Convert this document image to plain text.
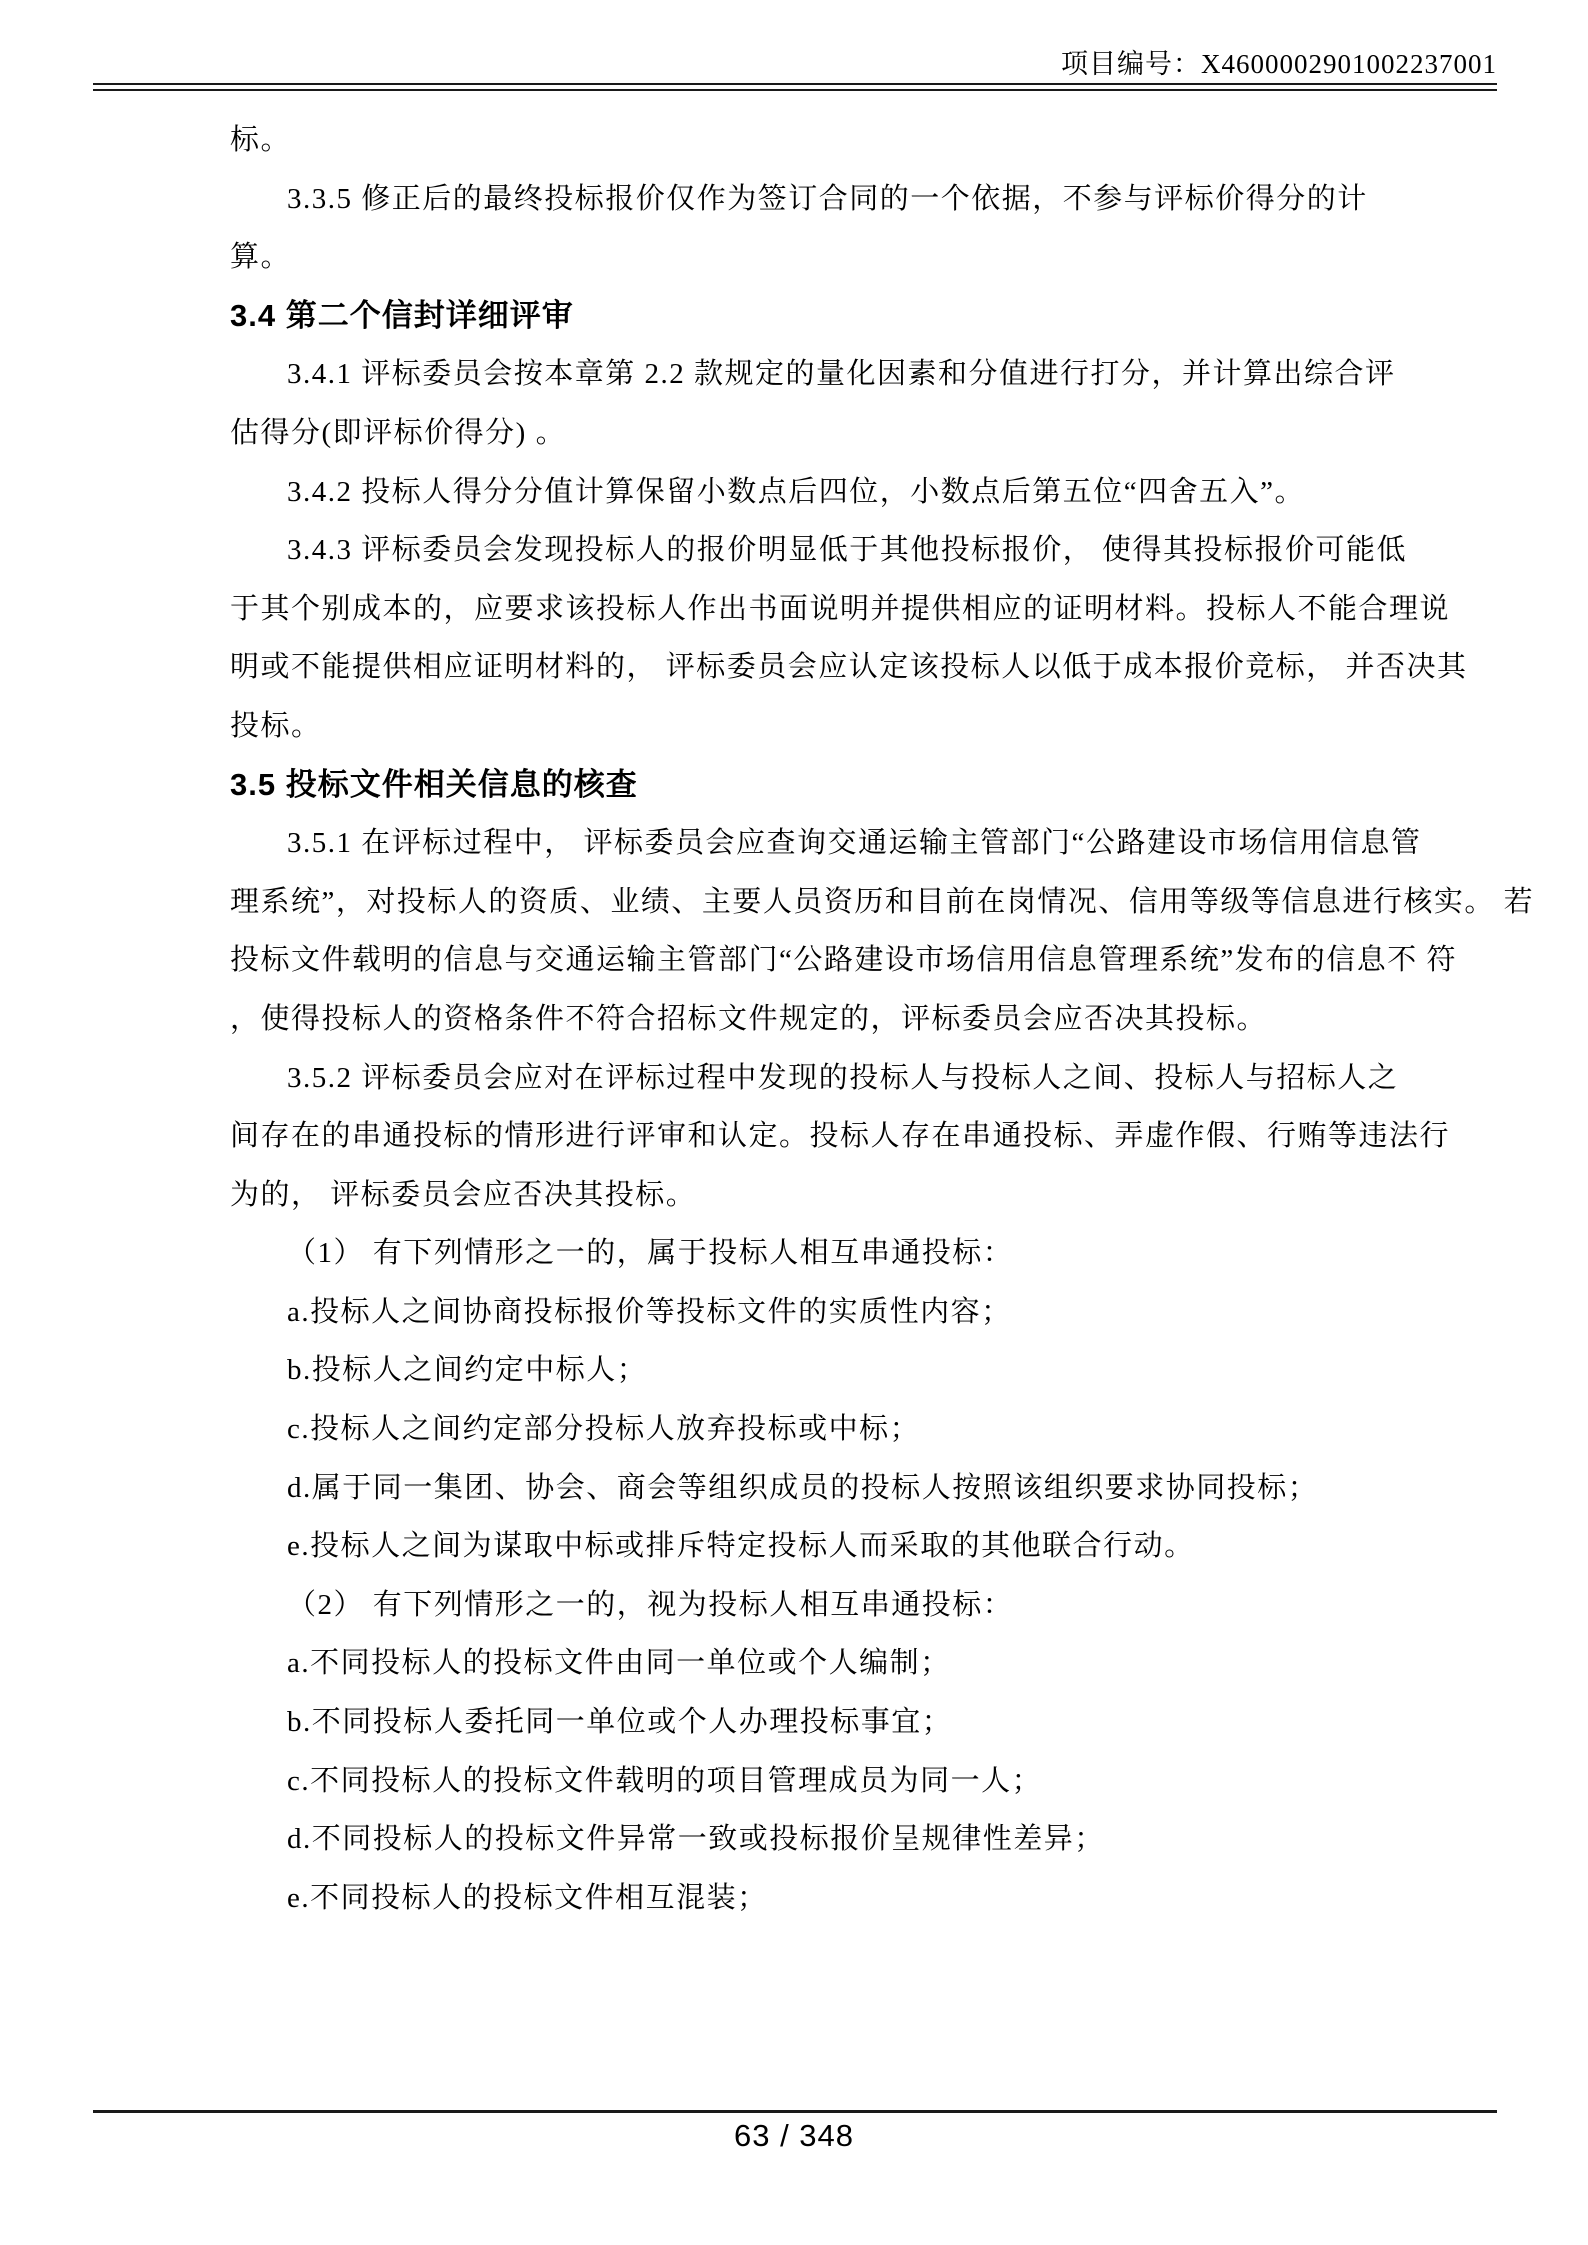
项目编号：X4600002901002237001
标。
3.3.5 修正后的最终投标报价仅作为签订合同的一个依据，不参与评标价得分的计
算。
3.4 第二个信封详细评审
3.4.1 评标委员会按本章第 2.2 款规定的量化因素和分值进行打分，并计算出综合评
估得分(即评标价得分) 。
3.4.2 投标人得分分值计算保留小数点后四位，小数点后第五位“四舍五入”。
3.4.3 评标委员会发现投标人的报价明显低于其他投标报价， 使得其投标报价可能低
于其个别成本的，应要求该投标人作出书面说明并提供相应的证明材料。投标人不能合理说
明或不能提供相应证明材料的， 评标委员会应认定该投标人以低于成本报价竞标， 并否决其
投标。
3.5 投标文件相关信息的核查
3.5.1 在评标过程中， 评标委员会应查询交通运输主管部门“公路建设市场信用信息管
理系统”，对投标人的资质、业绩、主要人员资历和目前在岗情况、信用等级等信息进行核实。 若
投标文件载明的信息与交通运输主管部门“公路建设市场信用信息管理系统”发布的信息不 符
，使得投标人的资格条件不符合招标文件规定的，评标委员会应否决其投标。
3.5.2 评标委员会应对在评标过程中发现的投标人与投标人之间、投标人与招标人之
间存在的串通投标的情形进行评审和认定。投标人存在串通投标、弄虚作假、行贿等违法行
为的， 评标委员会应否决其投标。
（1） 有下列情形之一的，属于投标人相互串通投标：
a.投标人之间协商投标报价等投标文件的实质性内容；
b.投标人之间约定中标人；
c.投标人之间约定部分投标人放弃投标或中标；
d.属于同一集团、协会、商会等组织成员的投标人按照该组织要求协同投标；
e.投标人之间为谋取中标或排斥特定投标人而采取的其他联合行动。
（2） 有下列情形之一的，视为投标人相互串通投标：
a.不同投标人的投标文件由同一单位或个人编制；
b.不同投标人委托同一单位或个人办理投标事宜；
c.不同投标人的投标文件载明的项目管理成员为同一人；
d.不同投标人的投标文件异常一致或投标报价呈规律性差异；
e.不同投标人的投标文件相互混装；
63 / 348
